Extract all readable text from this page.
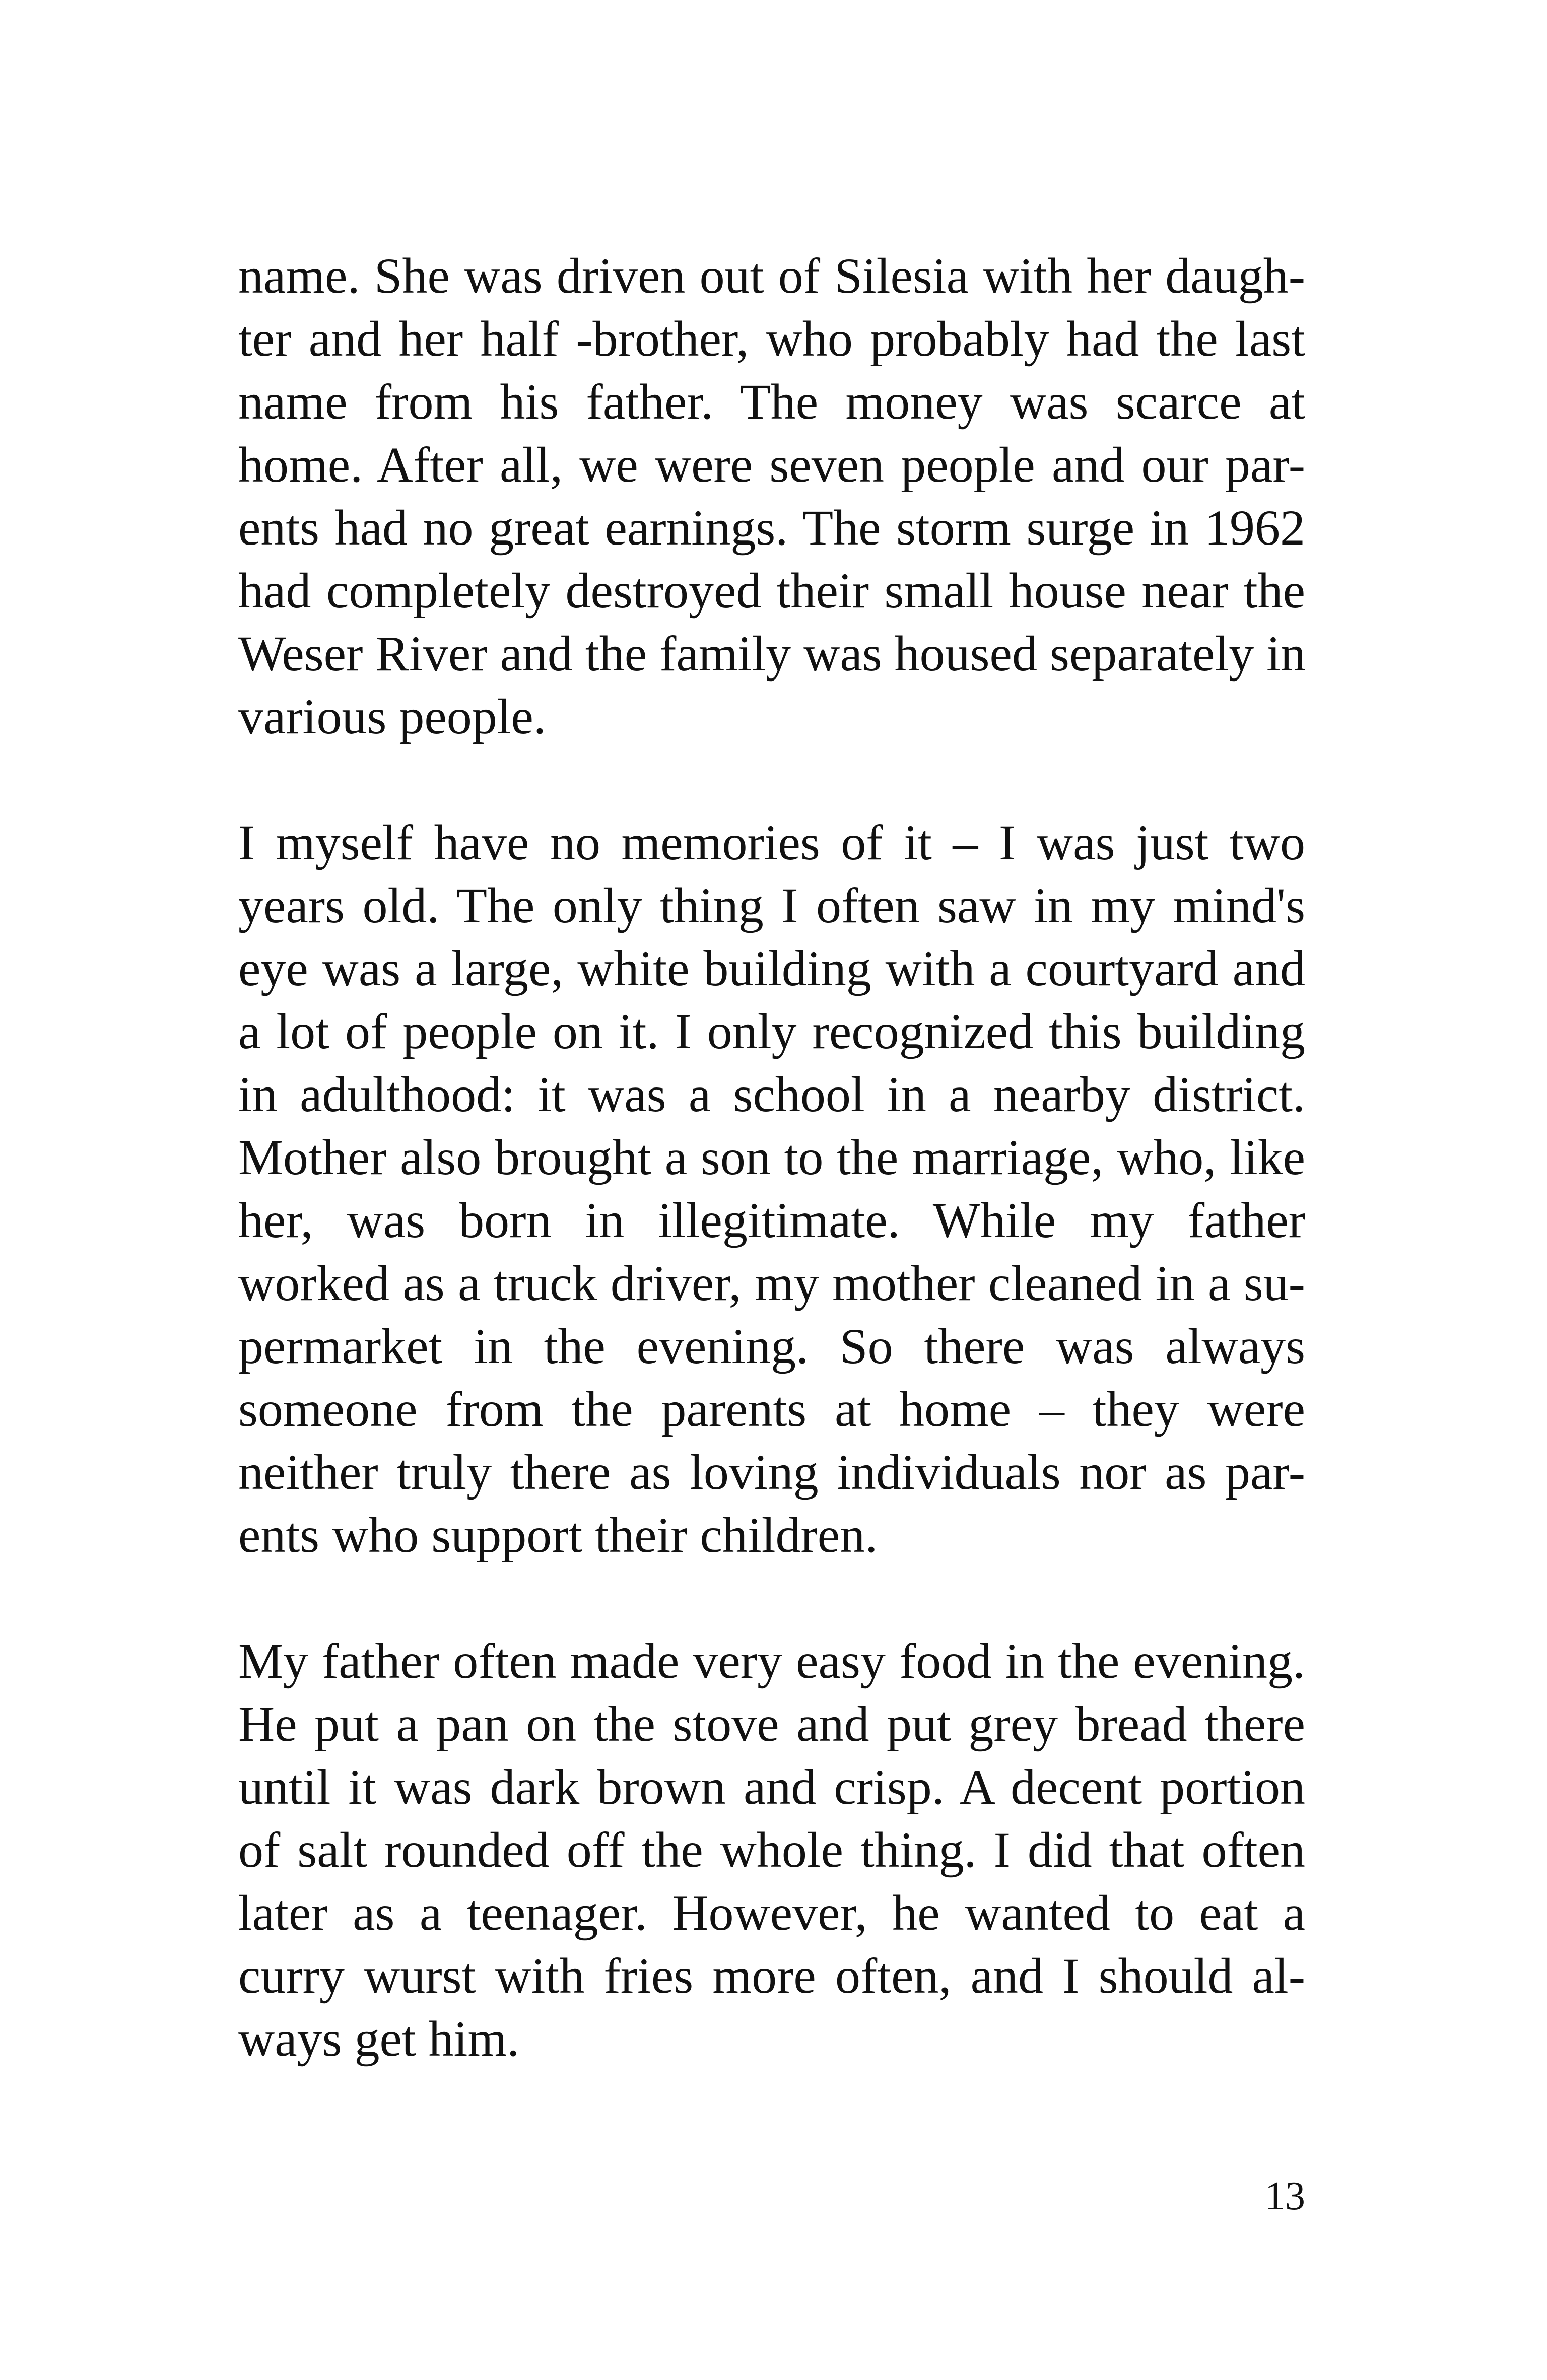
name. She was driven out of Silesia with her daugh-
ter and her half -brother, who probably had the last
name from his father. The money was scarce at
home. After all, we were seven people and our par-
ents had no great earnings. The storm surge in 1962
had completely destroyed their small house near the
Weser River and the family was housed separately in
various people.
I myself have no memories of it – I was just two
years old. The only thing I often saw in my mind's
eye was a large, white building with a courtyard and
a lot of people on it. I only recognized this building
in adulthood: it was a school in a nearby district.
Mother also brought a son to the marriage, who, like
her, was born in illegitimate. While my father
worked as a truck driver, my mother cleaned in a su-
permarket in the evening. So there was always
someone from the parents at home – they were
neither truly there as loving individuals nor as par-
ents who support their children.
My father often made very easy food in the evening.
He put a pan on the stove and put grey bread there
until it was dark brown and crisp. A decent portion
of salt rounded off the whole thing. I did that often
later as a teenager. However, he wanted to eat a
curry wurst with fries more often, and I should al-
ways get him.
13
